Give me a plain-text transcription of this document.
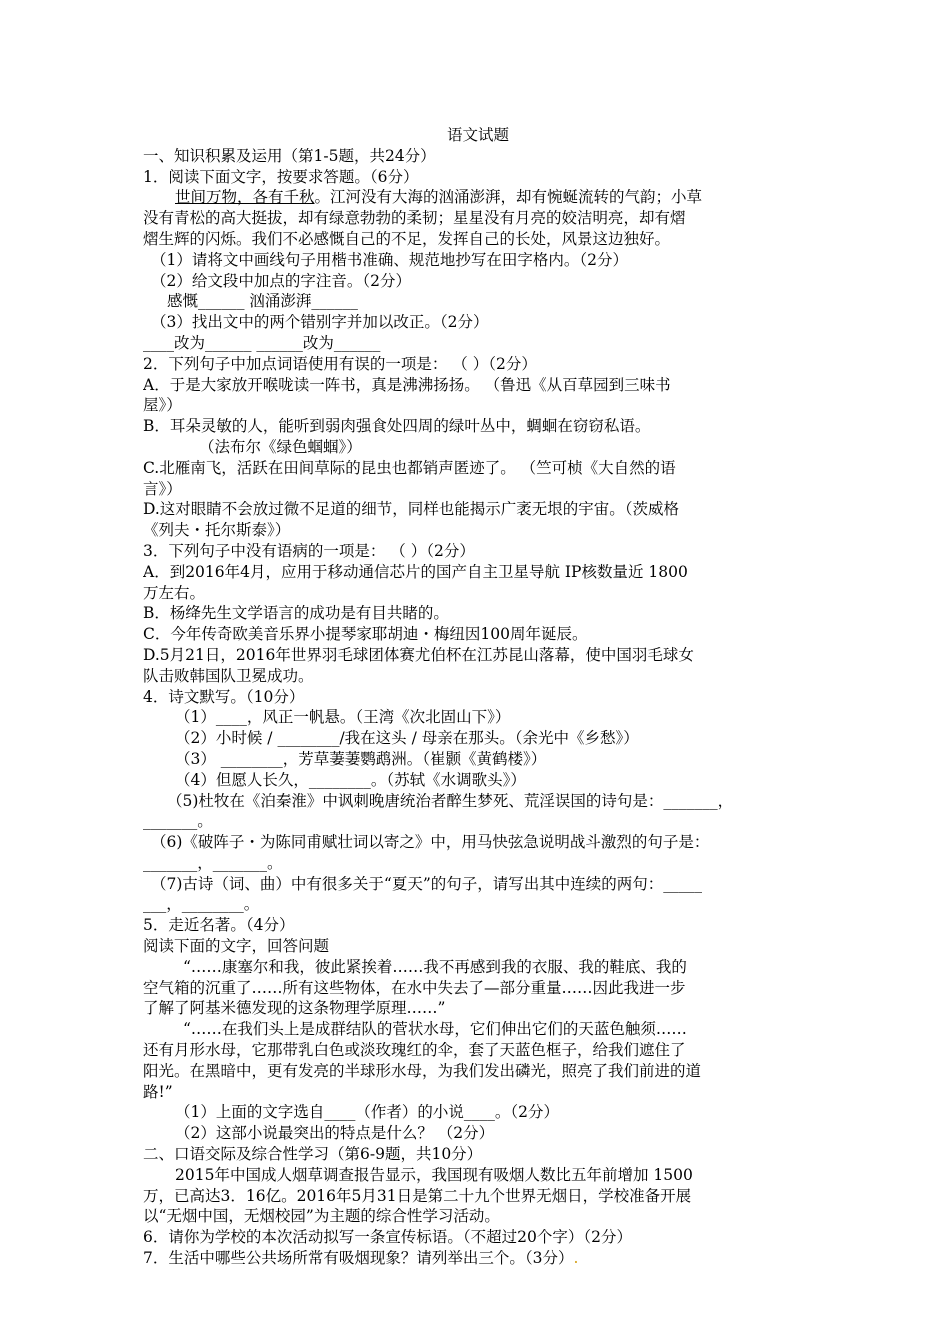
语文试题
一、知识积累及运用（第1-5题，共24分）
1．阅读下面文字，按要求答题。（6分）
世间万物，各有千秋。江河没有大海的汹涌澎湃，却有惋蜒流转的气韵；小草
没有青松的高大挺拔，却有绿意勃勃的柔韧；星星没有月亮的姣洁明亮，却有熠
熠生辉的闪烁。我们不必感慨自己的不足，发挥自己的长处，风景这边独好。
（1）请将文中画线句子用楷书准确、规范地抄写在田字格内。（2分）
（2）给文段中加点的字注音。（2分）
感慨______ 汹涌澎湃______
（3）找出文中的两个错别字并加以改正。（2分）
____改为______ ______改为______
2．下列句子中加点词语使用有误的一项是： （ ）（2分）
A．于是大家放开喉咙读一阵书，真是沸沸扬扬。 （鲁迅《从百草园到三味书
屋》）
B．耳朵灵敏的人，能听到弱肉强食处四周的绿叶丛中，蜩蛔在窃窃私语。
（法布尔《绿色蝈蝈》）
C.北雁南飞，活跃在田间草际的昆虫也都销声匿迹了。 （竺可桢《大自然的语
言》）
D.这对眼睛不会放过微不足道的细节，同样也能揭示广袤无垠的宇宙。（茨威格
《列夫・托尔斯泰》）
3．下列句子中没有语病的一项是： （ ）（2分）
A．到2016年4月，应用于移动通信芯片的国产自主卫星导航 IP核数量近 1800
万左右。
B．杨绛先生文学语言的成功是有目共睹的。
C．今年传奇欧美音乐界小提琴家耶胡迪・梅纽因100周年诞辰。
D.5月21日，2016年世界羽毛球团体赛尤伯杯在江苏昆山落幕，使中国羽毛球女
队击败韩国队卫冕成功。
4．诗文默写。（10分）
（1）____，风正一帆悬。（王湾《次北固山下》）
（2）小时候 / ________/我在这头 / 母亲在那头。（余光中《乡愁》）
（3） ________，芳草萋萋鹦鹉洲。（崔颢《黄鹤楼》）
（4）但愿人长久，________。（苏轼《水调歌头》）
（5)杜牧在《泊秦淮》中讽刺晚唐统治者醉生梦死、荒淫误国的诗句是：_______，
_______。
（6)《破阵子・为陈同甫赋壮词以寄之》中，用马快弦急说明战斗激烈的句子是：
_______，_______。
（7)古诗（词、曲）中有很多关于“夏天”的句子，请写出其中连续的两句：_____
___，________。
5．走近名著。（4分）
阅读下面的文字，回答问题
“……康塞尔和我，彼此紧挨着……我不再感到我的衣服、我的鞋底、我的
空气箱的沉重了……所有这些物体，在水中失去了—部分重量……因此我进一步
了解了阿基米德发现的这条物理学原理……”
“……在我们头上是成群结队的菅状水母，它们伸出它们的天蓝色触须……
还有月形水母，它那带乳白色或淡玫瑰红的伞，套了天蓝色框子，给我们遮住了
阳光。在黑暗中，更有发亮的半球形水母，为我们发出磷光，照亮了我们前进的道
路!”
（1）上面的文字选自____（作者）的小说____。（2分）
（2）这部小说最突出的特点是什么？ （2分）
二、口语交际及综合性学习（第6-9题，共10分）
2015年中国成人烟草调查报告显示，我国现有吸烟人数比五年前增加 1500
万，已高达3．16亿。2016年5月31日是第二十九个世界无烟日，学校准备开展
以“无烟中国，无烟校园”为主题的综合性学习活动。
6．请你为学校的本次活动拟写一条宣传标语。（不超过20个字）（2分）
7．生活中哪些公共场所常有吸烟现象？请列举出三个。（3分）.
